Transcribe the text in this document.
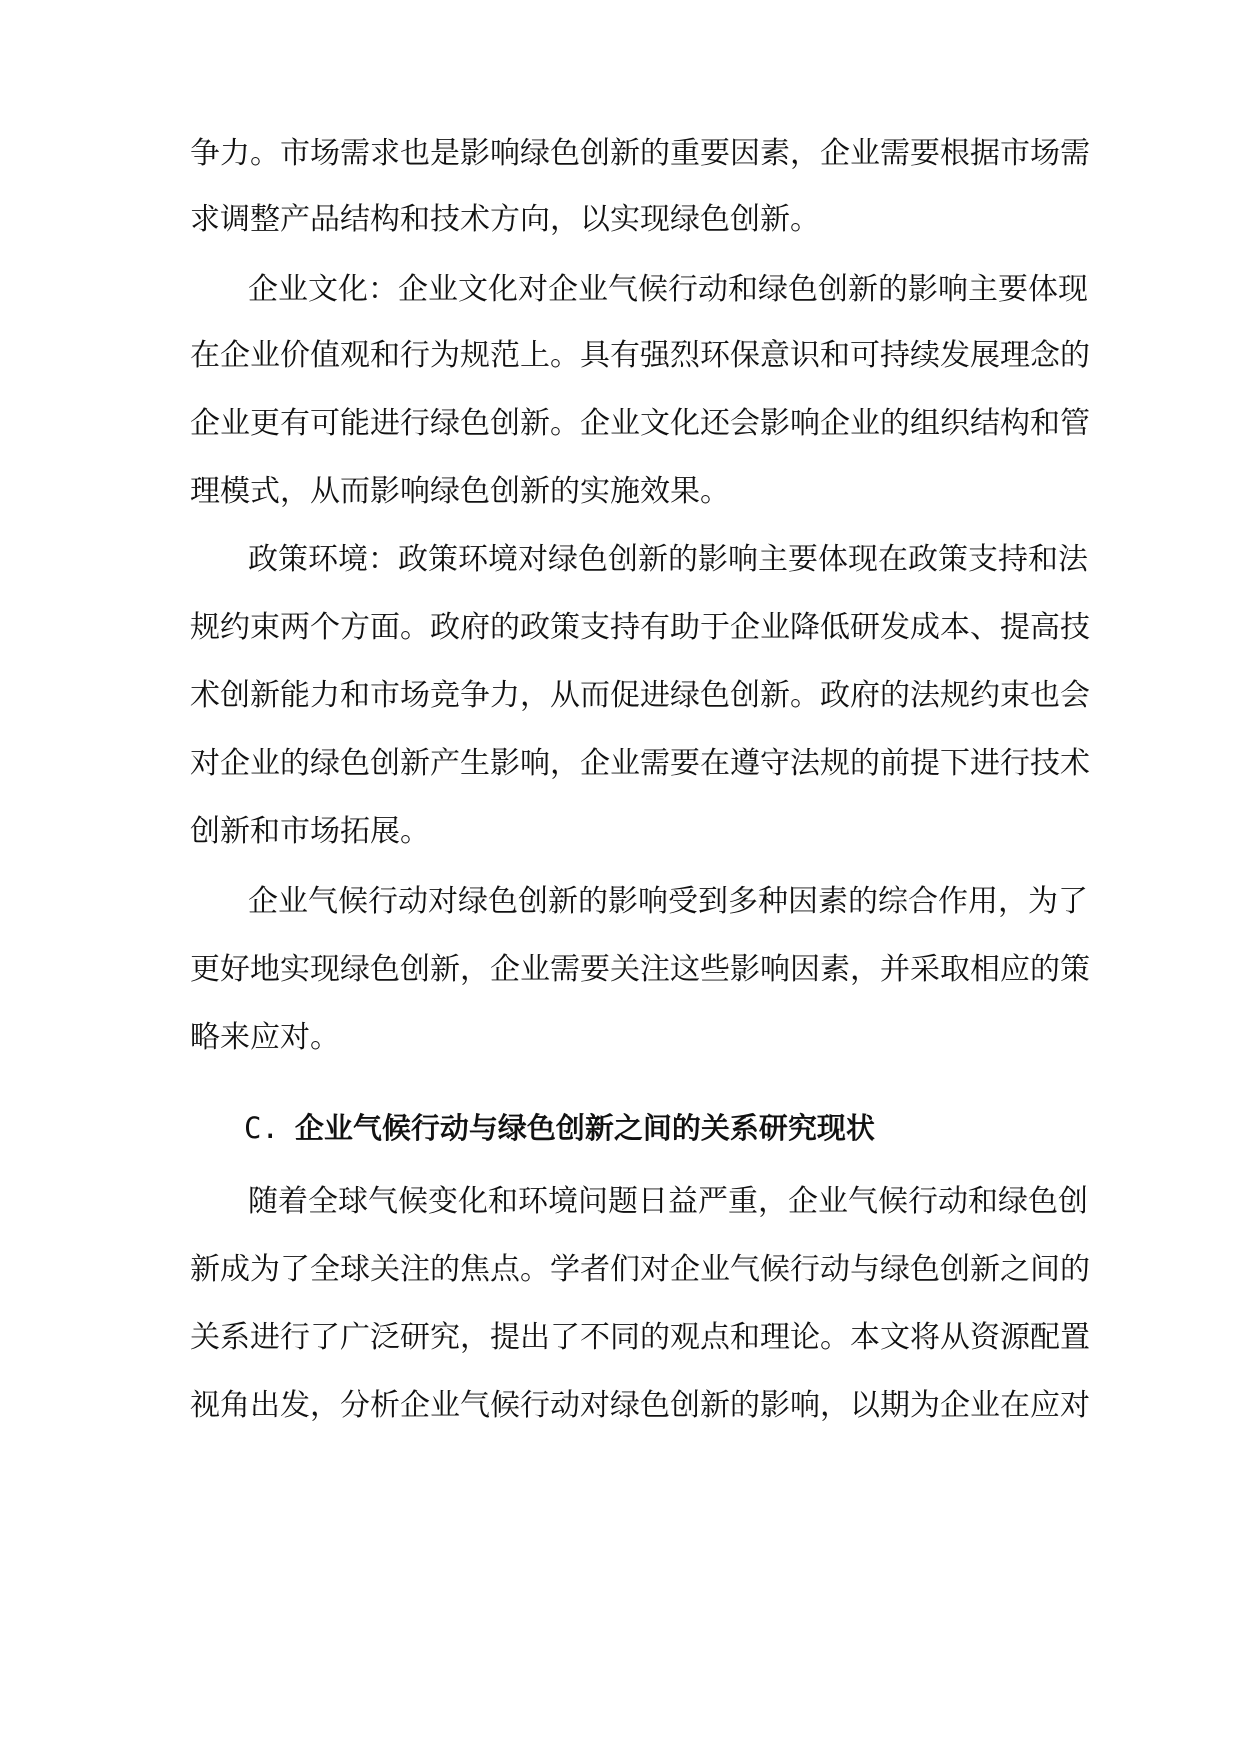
争力。市场需求也是影响绿色创新的重要因素，企业需要根据市场需
求调整产品结构和技术方向，以实现绿色创新。
企业文化：企业文化对企业气候行动和绿色创新的影响主要体现
在企业价值观和行为规范上。具有强烈环保意识和可持续发展理念的
企业更有可能进行绿色创新。企业文化还会影响企业的组织结构和管
理模式，从而影响绿色创新的实施效果。
政策环境：政策环境对绿色创新的影响主要体现在政策支持和法
规约束两个方面。政府的政策支持有助于企业降低研发成本、提高技
术创新能力和市场竞争力，从而促进绿色创新。政府的法规约束也会
对企业的绿色创新产生影响，企业需要在遵守法规的前提下进行技术
创新和市场拓展。
企业气候行动对绿色创新的影响受到多种因素的综合作用，为了
更好地实现绿色创新，企业需要关注这些影响因素，并采取相应的策
略来应对。
C. 企业气候行动与绿色创新之间的关系研究现状
随着全球气候变化和环境问题日益严重，企业气候行动和绿色创
新成为了全球关注的焦点。学者们对企业气候行动与绿色创新之间的
关系进行了广泛研究，提出了不同的观点和理论。本文将从资源配置
视角出发，分析企业气候行动对绿色创新的影响，以期为企业在应对
